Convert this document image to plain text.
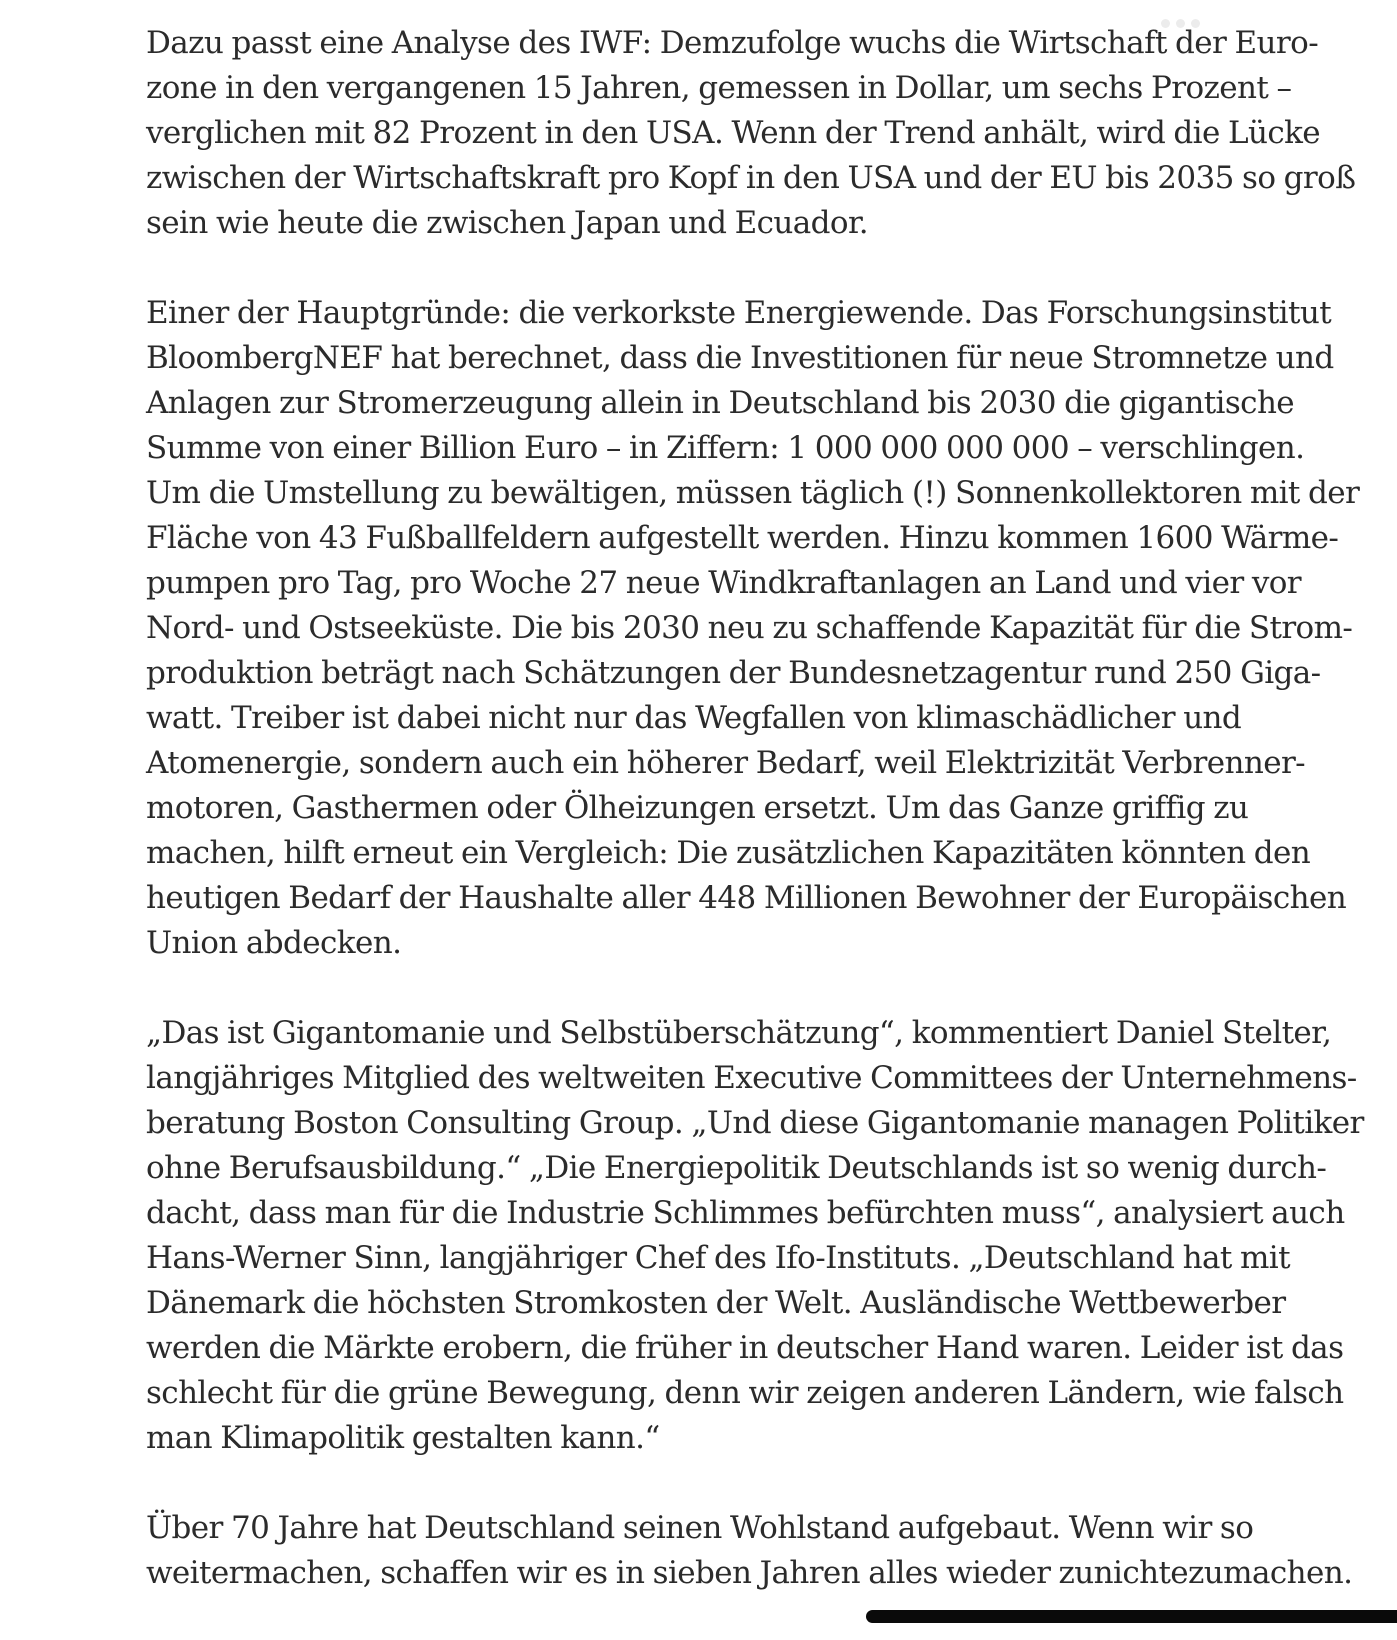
Dazu passt eine Analyse des IWF: Demzufolge wuchs die Wirtschaft der Euro-
zone in den vergangenen 15 Jahren, gemessen in Dollar, um sechs Prozent –
verglichen mit 82 Prozent in den USA. Wenn der Trend anhält, wird die Lücke
zwischen der Wirtschaftskraft pro Kopf in den USA und der EU bis 2035 so groß
sein wie heute die zwischen Japan und Ecuador.
Einer der Hauptgründe: die verkorkste Energiewende. Das Forschungsinstitut
BloombergNEF hat berechnet, dass die Investitionen für neue Stromnetze und
Anlagen zur Stromerzeugung allein in Deutschland bis 2030 die gigantische
Summe von einer Billion Euro – in Ziffern: 1 000 000 000 000 – verschlingen.
Um die Umstellung zu bewältigen, müssen täglich (!) Sonnenkollektoren mit der
Fläche von 43 Fußballfeldern aufgestellt werden. Hinzu kommen 1600 Wärme-
pumpen pro Tag, pro Woche 27 neue Windkraftanlagen an Land und vier vor
Nord- und Ostseeküste. Die bis 2030 neu zu schaffende Kapazität für die Strom-
produktion beträgt nach Schätzungen der Bundesnetzagentur rund 250 Giga-
watt. Treiber ist dabei nicht nur das Wegfallen von klimaschädlicher und
Atomenergie, sondern auch ein höherer Bedarf, weil Elektrizität Verbrenner-
motoren, Gasthermen oder Ölheizungen ersetzt. Um das Ganze griffig zu
machen, hilft erneut ein Vergleich: Die zusätzlichen Kapazitäten könnten den
heutigen Bedarf der Haushalte aller 448 Millionen Bewohner der Europäischen
Union abdecken.
„Das ist Gigantomanie und Selbstüberschätzung“, kommentiert Daniel Stelter,
langjähriges Mitglied des weltweiten Executive Committees der Unternehmens-
beratung Boston Consulting Group. „Und diese Gigantomanie managen Politiker
ohne Berufsausbildung.“ „Die Energiepolitik Deutschlands ist so wenig durch-
dacht, dass man für die Industrie Schlimmes befürchten muss“, analysiert auch
Hans-Werner Sinn, langjähriger Chef des Ifo-Instituts. „Deutschland hat mit
Dänemark die höchsten Stromkosten der Welt. Ausländische Wettbewerber
werden die Märkte erobern, die früher in deutscher Hand waren. Leider ist das
schlecht für die grüne Bewegung, denn wir zeigen anderen Ländern, wie falsch
man Klimapolitik gestalten kann.“
Über 70 Jahre hat Deutschland seinen Wohlstand aufgebaut. Wenn wir so
weitermachen, schaffen wir es in sieben Jahren alles wieder zunichtezumachen.
